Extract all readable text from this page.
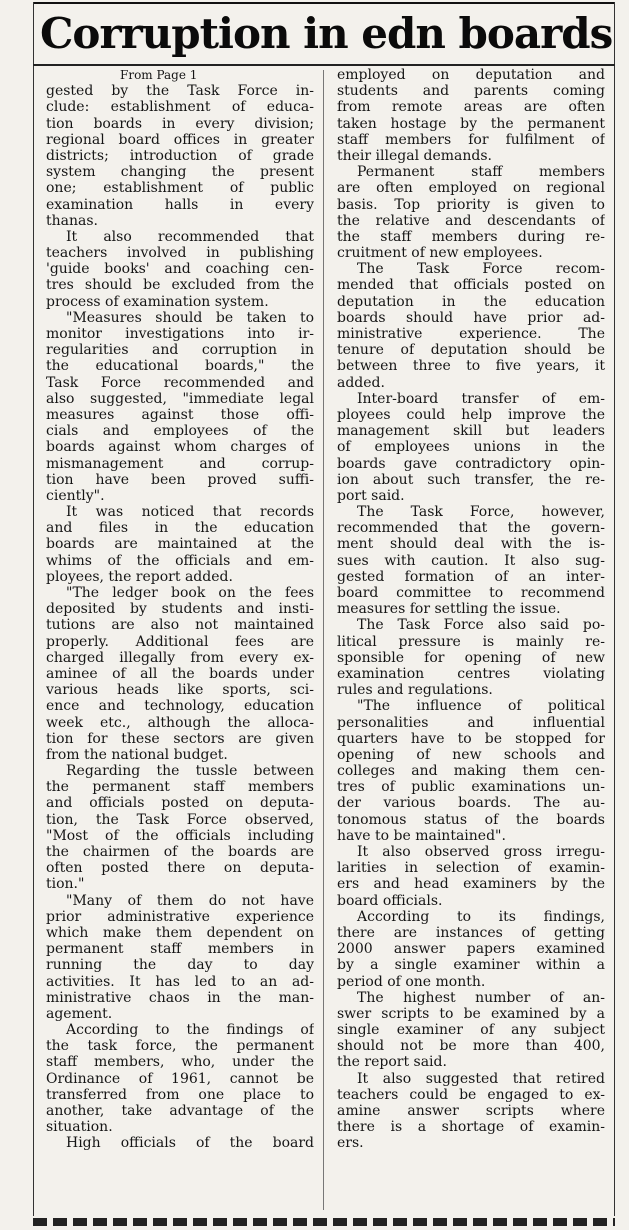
Corruption in edn boards
From Page 1
gested by the Task Force in-
clude: establishment of educa-
tion boards in every division;
regional board offices in greater
districts; introduction of grade
system changing the present
one; establishment of public
examination halls in every
thanas.
It also recommended that
teachers involved in publishing
'guide books' and coaching cen-
tres should be excluded from the
process of examination system.
"Measures should be taken to
monitor investigations into ir-
regularities and corruption in
the educational boards," the
Task Force recommended and
also suggested, "immediate legal
measures against those offi-
cials and employees of the
boards against whom charges of
mismanagement and corrup-
tion have been proved suffi-
ciently".
It was noticed that records
and files in the education
boards are maintained at the
whims of the officials and em-
ployees, the report added.
"The ledger book on the fees
deposited by students and insti-
tutions are also not maintained
properly. Additional fees are
charged illegally from every ex-
aminee of all the boards under
various heads like sports, sci-
ence and technology, education
week etc., although the alloca-
tion for these sectors are given
from the national budget.
Regarding the tussle between
the permanent staff members
and officials posted on deputa-
tion, the Task Force observed,
"Most of the officials including
the chairmen of the boards are
often posted there on deputa-
tion."
"Many of them do not have
prior administrative experience
which make them dependent on
permanent staff members in
running the day to day
activities. It has led to an ad-
ministrative chaos in the man-
agement.
According to the findings of
the task force, the permanent
staff members, who, under the
Ordinance of 1961, cannot be
transferred from one place to
another, take advantage of the
situation.
High officials of the board
employed on deputation and
students and parents coming
from remote areas are often
taken hostage by the permanent
staff members for fulfilment of
their illegal demands.
Permanent staff members
are often employed on regional
basis. Top priority is given to
the relative and descendants of
the staff members during re-
cruitment of new employees.
The Task Force recom-
mended that officials posted on
deputation in the education
boards should have prior ad-
ministrative experience. The
tenure of deputation should be
between three to five years, it
added.
Inter-board transfer of em-
ployees could help improve the
management skill but leaders
of employees unions in the
boards gave contradictory opin-
ion about such transfer, the re-
port said.
The Task Force, however,
recommended that the govern-
ment should deal with the is-
sues with caution. It also sug-
gested formation of an inter-
board committee to recommend
measures for settling the issue.
The Task Force also said po-
litical pressure is mainly re-
sponsible for opening of new
examination centres violating
rules and regulations.
"The influence of political
personalities and influential
quarters have to be stopped for
opening of new schools and
colleges and making them cen-
tres of public examinations un-
der various boards. The au-
tonomous status of the boards
have to be maintained".
It also observed gross irregu-
larities in selection of examin-
ers and head examiners by the
board officials.
According to its findings,
there are instances of getting
2000 answer papers examined
by a single examiner within a
period of one month.
The highest number of an-
swer scripts to be examined by a
single examiner of any subject
should not be more than 400,
the report said.
It also suggested that retired
teachers could be engaged to ex-
amine answer scripts where
there is a shortage of examin-
ers.
